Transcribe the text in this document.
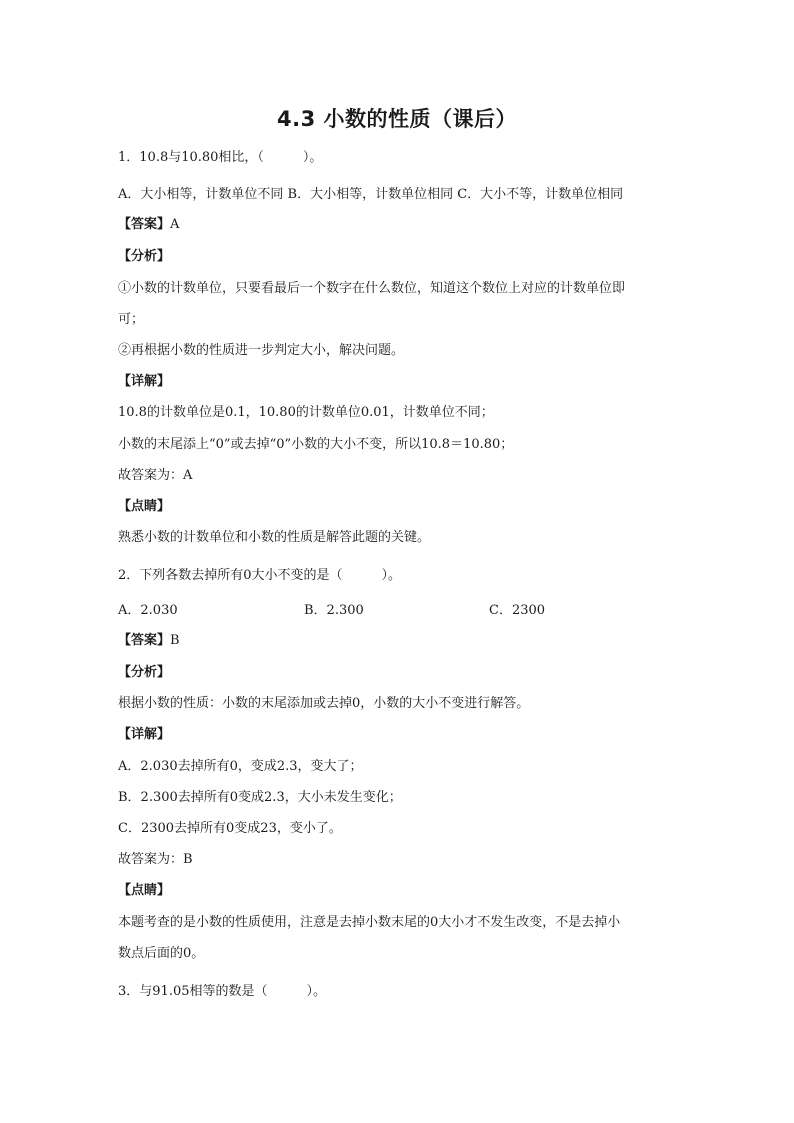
4.3 小数的性质（课后）
1．10.8与10.80相比，（　　　）。
A．大小相等，计数单位不同 B．大小相等，计数单位相同 C．大小不等，计数单位相同
【答案】A
【分析】
①小数的计数单位，只要看最后一个数字在什么数位，知道这个数位上对应的计数单位即
可；
②再根据小数的性质进一步判定大小，解决问题。
【详解】
10.8的计数单位是0.1，10.80的计数单位0.01，计数单位不同；
小数的末尾添上“0”或去掉“0”小数的大小不变，所以10.8＝10.80；
故答案为：A
【点睛】
熟悉小数的计数单位和小数的性质是解答此题的关键。
2．下列各数去掉所有0大小不变的是（　　　）。
A．2.030	B．2.300	C．2300
【答案】B
【分析】
根据小数的性质：小数的末尾添加或去掉0，小数的大小不变进行解答。
【详解】
A．2.030去掉所有0，变成2.3，变大了；
B．2.300去掉所有0变成2.3，大小未发生变化；
C．2300去掉所有0变成23，变小了。
故答案为：B
【点睛】
本题考查的是小数的性质使用，注意是去掉小数末尾的0大小才不发生改变，不是去掉小
数点后面的0。
3．与91.05相等的数是（　　　）。
